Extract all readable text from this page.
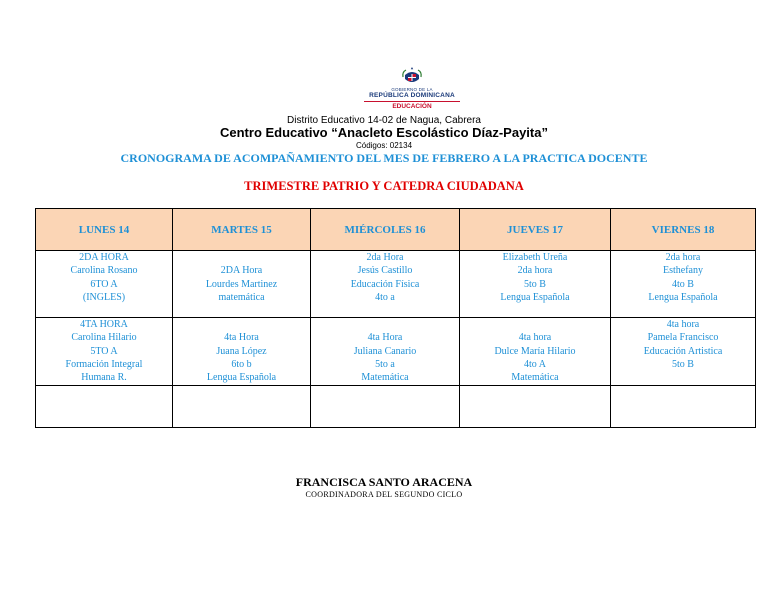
GOBIERNO DE LA
REPÚBLICA DOMINICANA
EDUCACIÓN
Distrito Educativo 14-02 de Nagua, Cabrera
Centro Educativo “Anacleto Escolástico Díaz-Payita”
Códigos: 02134
CRONOGRAMA DE ACOMPAÑAMIENTO DEL MES DE FEBRERO A LA PRACTICA DOCENTE
TRIMESTRE PATRIO Y CATEDRA CIUDADANA
LUNES 14	MARTES 15	MIÉRCOLES 16	JUEVES 17	VIERNES 18

2DA HORA
Carolina Rosano
6TO A
(INGLES)	2DA Hora
Lourdes Martinez
matemática	2da Hora
Jesús Castillo
Educación Física
4to a	Elizabeth Ureña
2da hora
5to B
Lengua Española	2da hora
Esthefany
4to B
Lengua Española

4TA HORA
Carolina Hilario
5TO A
Formación Integral
Humana R.	4ta Hora
Juana López
6to b
Lengua Española	4ta Hora
Juliana Canario
5to a
Matemática	4ta hora
Dulce María Hilario
4to A
Matemática	4ta hora
Pamela Francisco
Educación Artistica
5to B

FRANCISCA SANTO ARACENA
COORDINADORA DEL SEGUNDO CICLO
